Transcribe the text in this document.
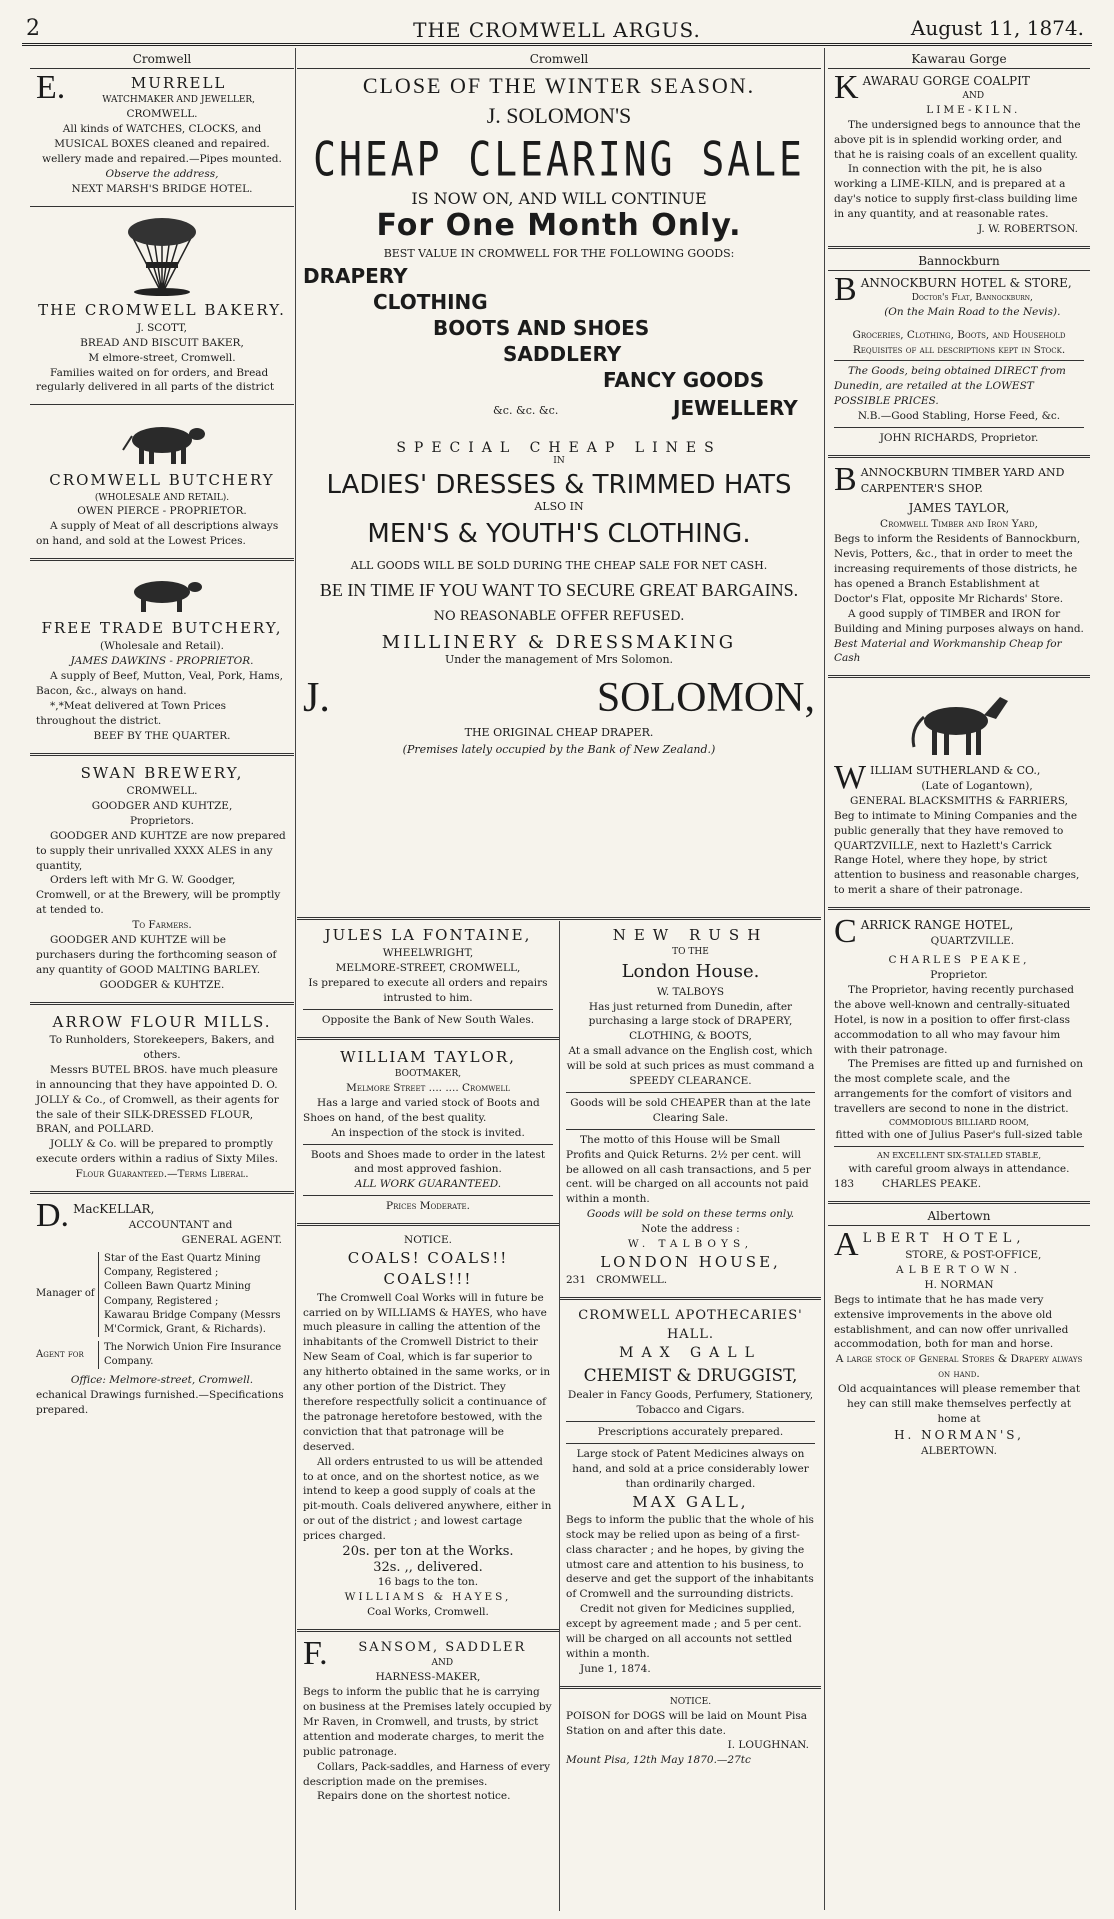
2	THE CROMWELL ARGUS.	August 11, 1874.
Cromwell
E.	MURRELL
WATCHMAKER AND JEWELLER,
CROMWELL.
All kinds of WATCHES, CLOCKS, and MUSICAL BOXES cleaned and repaired.
wellery made and repaired.—Pipes mounted.
Observe the address,
NEXT MARSH'S BRIDGE HOTEL.
THE CROMWELL BAKERY.
J. SCOTT,
BREAD AND BISCUIT BAKER,
M elmore-street, Cromwell.
Families waited on for orders, and Bread regularly delivered in all parts of the district
CROMWELL BUTCHERY
(WHOLESALE AND RETAIL).
OWEN PIERCE - PROPRIETOR.
A supply of Meat of all descriptions always on hand, and sold at the Lowest Prices.
FREE TRADE BUTCHERY,
(Wholesale and Retail).
JAMES DAWKINS - PROPRIETOR.
A supply of Beef, Mutton, Veal, Pork, Hams, Bacon, &c., always on hand.
*,*Meat delivered at Town Prices throughout the district.
BEEF BY THE QUARTER.
SWAN BREWERY,
CROMWELL.
GOODGER AND KUHTZE,
Proprietors.
GOODGER AND KUHTZE are now prepared to supply their unrivalled XXXX ALES in any quantity,
Orders left with Mr G. W. Goodger, Cromwell, or at the Brewery, will be promptly at tended to.
To Farmers.
GOODGER AND KUHTZE will be purchasers during the forthcoming season of any quantity of GOOD MALTING BARLEY.
GOODGER & KUHTZE.
ARROW FLOUR MILLS.
To Runholders, Storekeepers, Bakers, and others.
Messrs BUTEL BROS. have much pleasure in announcing that they have appointed D. O. JOLLY & Co., of Cromwell, as their agents for the sale of their SILK-DRESSED FLOUR, BRAN, and POLLARD.
JOLLY & Co. will be prepared to promptly execute orders within a radius of Sixty Miles.
Flour Guaranteed.—Terms Liberal.
D. MacKELLAR,
ACCOUNTANT and
GENERAL AGENT.
Manager of
Star of the East Quartz Mining Company, Registered ;
Colleen Bawn Quartz Mining Company, Registered ;
Kawarau Bridge Company (Messrs M'Cormick, Grant, & Richards).
Agent for
The Norwich Union Fire Insurance Company.
Office: Melmore-street, Cromwell.
echanical Drawings furnished.—Specifications prepared.
Cromwell
CLOSE OF THE WINTER SEASON.
J. SOLOMON'S
CHEAP CLEARING SALE
IS NOW ON, AND WILL CONTINUE
For One Month Only.
BEST VALUE IN CROMWELL FOR THE FOLLOWING GOODS:
DRAPERY
CLOTHING
BOOTS AND SHOES
SADDLERY
FANCY GOODS
&c. &c. &c.	JEWELLERY
SPECIAL CHEAP LINES
IN
LADIES' DRESSES & TRIMMED HATS
ALSO IN
MEN'S & YOUTH'S CLOTHING.
ALL GOODS WILL BE SOLD DURING THE CHEAP SALE FOR NET CASH.
BE IN TIME IF YOU WANT TO SECURE GREAT BARGAINS.
NO REASONABLE OFFER REFUSED.
MILLINERY & DRESSMAKING
Under the management of Mrs Solomon.
J. SOLOMON,
THE ORIGINAL CHEAP DRAPER.
(Premises lately occupied by the Bank of New Zealand.)
JULES LA FONTAINE,
WHEELWRIGHT,
MELMORE-STREET, CROMWELL,
Is prepared to execute all orders and repairs intrusted to him.
Opposite the Bank of New South Wales.
WILLIAM TAYLOR,
BOOTMAKER,
Melmore Street .... .... Cromwell
Has a large and varied stock of Boots and Shoes on hand, of the best quality.
An inspection of the stock is invited.
Boots and Shoes made to order in the latest and most approved fashion.
ALL WORK GUARANTEED.
Prices Moderate.
NOTICE.
COALS! COALS!! COALS!!!
The Cromwell Coal Works will in future be carried on by WILLIAMS & HAYES, who have much pleasure in calling the attention of the inhabitants of the Cromwell District to their New Seam of Coal, which is far superior to any hitherto obtained in the same works, or in any other portion of the District. They therefore respectfully solicit a continuance of the patronage heretofore bestowed, with the conviction that that patronage will be deserved.
All orders entrusted to us will be attended to at once, and on the shortest notice, as we intend to keep a good supply of coals at the pit-mouth. Coals delivered anywhere, either in or out of the district ; and lowest cartage prices charged.
20s. per ton at the Works.
32s. ,, delivered.
16 bags to the ton.
WILLIAMS & HAYES,
Coal Works, Cromwell.
F.	SANSOM, SADDLER
AND
HARNESS-MAKER,
Begs to inform the public that he is carrying on business at the Premises lately occupied by Mr Raven, in Cromwell, and trusts, by strict attention and moderate charges, to merit the public patronage.
Collars, Pack-saddles, and Harness of every description made on the premises.
Repairs done on the shortest notice.
NEW RUSH
TO THE
London House.
W. TALBOYS
Has just returned from Dunedin, after purchasing a large stock of DRAPERY, CLOTHING, & BOOTS,
At a small advance on the English cost, which will be sold at such prices as must command a SPEEDY CLEARANCE.
Goods will be sold CHEAPER than at the late Clearing Sale.
The motto of this House will be Small Profits and Quick Returns. 2½ per cent. will be allowed on all cash transactions, and 5 per cent. will be charged on all accounts not paid within a month.
Goods will be sold on these terms only.
Note the address :
W. TALBOYS,
LONDON HOUSE,
231 CROMWELL.
CROMWELL APOTHECARIES' HALL.
MAX GALL
CHEMIST & DRUGGIST,
Dealer in Fancy Goods, Perfumery, Stationery, Tobacco and Cigars.
Prescriptions accurately prepared.
Large stock of Patent Medicines always on hand, and sold at a price considerably lower than ordinarily charged.
MAX GALL,
Begs to inform the public that the whole of his stock may be relied upon as being of a first-class character ; and he hopes, by giving the utmost care and attention to his business, to deserve and get the support of the inhabitants of Cromwell and the surrounding districts.
Credit not given for Medicines supplied, except by agreement made ; and 5 per cent. will be charged on all accounts not settled within a month.
June 1, 1874.
NOTICE.
POISON for DOGS will be laid on Mount Pisa Station on and after this date.
I. LOUGHNAN.
Mount Pisa, 12th May 1870.—27tc
Kawarau Gorge
K AWARAU GORGE COALPIT
AND
LIME-KILN.
The undersigned begs to announce that the above pit is in splendid working order, and that he is raising coals of an excellent quality.
In connection with the pit, he is also working a LIME-KILN, and is prepared at a day's notice to supply first-class building lime in any quantity, and at reasonable rates.
J. W. ROBERTSON.
Bannockburn
B ANNOCKBURN HOTEL & STORE,
Doctor's Flat, Bannockburn,
(On the Main Road to the Nevis).
Groceries, Clothing, Boots, and Household Requisites of all descriptions kept in Stock.
The Goods, being obtained DIRECT from Dunedin, are retailed at the LOWEST POSSIBLE PRICES.
N.B.—Good Stabling, Horse Feed, &c.
JOHN RICHARDS, Proprietor.
B ANNOCKBURN TIMBER YARD AND CARPENTER'S SHOP.
JAMES TAYLOR,
Cromwell Timber and Iron Yard,
Begs to inform the Residents of Bannockburn, Nevis, Potters, &c., that in order to meet the increasing requirements of those districts, he has opened a Branch Establishment at Doctor's Flat, opposite Mr Richards' Store.
A good supply of TIMBER and IRON for Building and Mining purposes always on hand.
Best Material and Workmanship Cheap for Cash
W ILLIAM SUTHERLAND & CO.,
(Late of Logantown),
GENERAL BLACKSMITHS & FARRIERS,
Beg to intimate to Mining Companies and the public generally that they have removed to QUARTZVILLE, next to Hazlett's Carrick Range Hotel, where they hope, by strict attention to business and reasonable charges, to merit a share of their patronage.
C ARRICK RANGE HOTEL,
QUARTZVILLE.
CHARLES PEAKE,
Proprietor.
The Proprietor, having recently purchased the above well-known and centrally-situated Hotel, is now in a position to offer first-class accommodation to all who may favour him with their patronage.
The Premises are fitted up and furnished on the most complete scale, and the arrangements for the comfort of visitors and travellers are second to none in the district.
COMMODIOUS BILLIARD ROOM,
fitted with one of Julius Paser's full-sized table
AN EXCELLENT SIX-STALLED STABLE,
with careful groom always in attendance.
183	CHARLES PEAKE.
Albertown
A LBERT HOTEL,
STORE, & POST-OFFICE,
ALBERTOWN.
H. NORMAN
Begs to intimate that he has made very extensive improvements in the above old establishment, and can now offer unrivalled accommodation, both for man and horse.
A large stock of General Stores & Drapery always on hand.
Old acquaintances will please remember that hey can still make themselves perfectly at home at
H. NORMAN'S,
ALBERTOWN.
